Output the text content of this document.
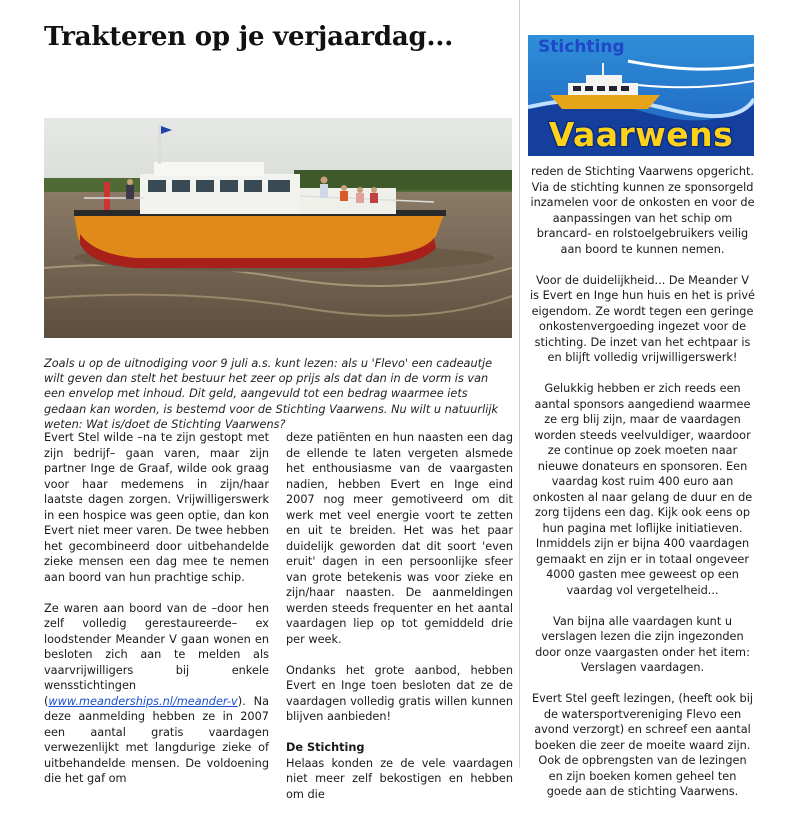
Trakteren op je verjaardag...	Stichting
Vaarwens

Zoals u op de uitnodiging voor 9 juli a.s. kunt lezen: als u 'Flevo' een cadeautje wilt geven dan stelt het bestuur het zeer op prijs als dat dan in de vorm is van een envelop met inhoud. Dit geld, aangevuld tot een bedrag waarmee iets gedaan kan worden, is bestemd voor de Stichting Vaarwens. Nu wilt u natuurlijk weten: Wat is/doet de Stichting Vaarwens?

Evert Stel wilde –na te zijn gestopt met zijn bedrijf– gaan varen, maar zijn partner Inge de Graaf, wilde ook graag voor haar medemens in zijn/haar laatste dagen zorgen. Vrijwilligerswerk in een hospice was geen optie, dan kon Evert niet meer varen. De twee hebben het gecombineerd door uitbehandelde zieke mensen een dag mee te nemen aan boord van hun prachtige schip.

Ze waren aan boord van de –door hen zelf volledig gerestaureerde– ex loodstender Meander V gaan wonen en besloten zich aan te melden als vaarvrijwilligers bij enkele wensstichtingen (www.meanderships.nl/meander-v). Na deze aanmelding hebben ze in 2007 een aantal gratis vaardagen verwezenlijkt met langdurige zieke of uitbehandelde mensen. De voldoening die het gaf om

deze patiënten en hun naasten een dag de ellende te laten vergeten alsmede het enthousiasme van de vaargasten nadien, hebben Evert en Inge eind 2007 nog meer gemotiveerd om dit werk met veel energie voort te zetten en uit te breiden. Het was het paar duidelijk geworden dat dit soort 'even eruit' dagen in een persoonlijke sfeer van grote betekenis was voor zieke en zijn/haar naasten. De aanmeldingen werden steeds frequenter en het aantal vaardagen liep op tot gemiddeld drie per week.

Ondanks het grote aanbod, hebben Evert en Inge toen besloten dat ze de vaardagen volledig gratis willen kunnen blijven aanbieden!

De Stichting

Helaas konden ze de vele vaardagen niet meer zelf bekostigen en hebben om die

reden de Stichting Vaarwens opgericht. Via de stichting kunnen ze sponsorgeld inzamelen voor de onkosten en voor de aanpassingen van het schip om brancard- en rolstoelgebruikers veilig aan boord te kunnen nemen.

Voor de duidelijkheid... De Meander V is Evert en Inge hun huis en het is privé eigendom. Ze wordt tegen een geringe onkostenvergoeding ingezet voor de stichting. De inzet van het echtpaar is en blijft volledig vrijwilligerswerk!

Gelukkig hebben er zich reeds een aantal sponsors aangediend waarmee ze erg blij zijn, maar de vaardagen worden steeds veelvuldiger, waardoor ze continue op zoek moeten naar nieuwe donateurs en sponsoren. Een vaardag kost ruim 400 euro aan onkosten al naar gelang de duur en de zorg tijdens een dag. Kijk ook eens op hun pagina met loflijke initiatieven. Inmiddels zijn er bijna 400 vaardagen gemaakt en zijn er in totaal ongeveer 4000 gasten mee geweest op een vaardag vol vergetelheid...

Van bijna alle vaardagen kunt u verslagen lezen die zijn ingezonden door onze vaargasten onder het item: Verslagen vaardagen.

Evert Stel geeft lezingen, (heeft ook bij de watersportvereniging Flevo een avond verzorgt) en schreef een aantal boeken die zeer de moeite waard zijn. Ook de opbrengsten van de lezingen en zijn boeken komen geheel ten goede aan de stichting Vaarwens.
